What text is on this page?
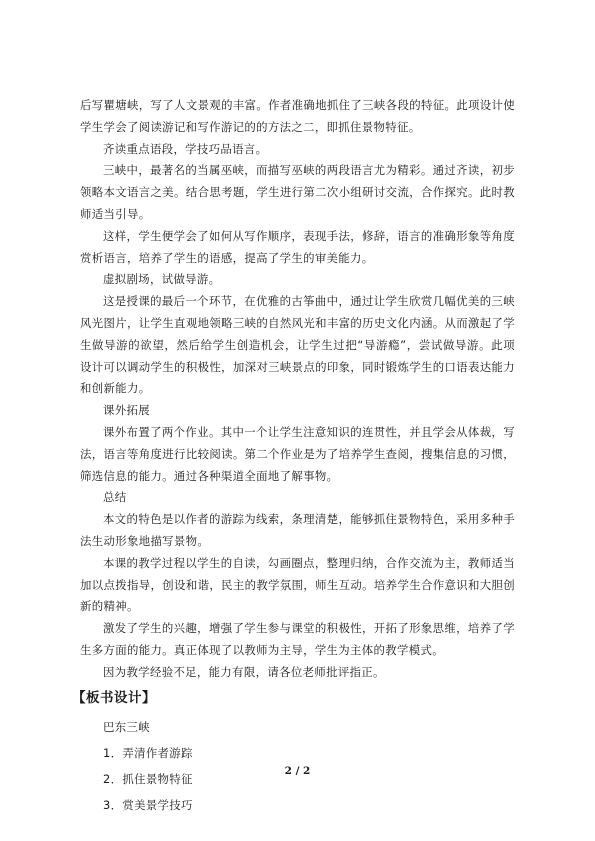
后写瞿塘峡，写了人文景观的丰富。作者准确地抓住了三峡各段的特征。此项设计使学生学会了阅读游记和写作游记的的方法之二，即抓住景物特征。

齐读重点语段，学技巧品语言。

三峡中，最著名的当属巫峡，而描写巫峡的两段语言尤为精彩。通过齐读，初步领略本文语言之美。结合思考题，学生进行第二次小组研讨交流，合作探究。此时教师适当引导。

这样，学生便学会了如何从写作顺序，表现手法，修辞，语言的准确形象等角度赏析语言，培养了学生的语感，提高了学生的审美能力。

虚拟剧场，试做导游。

这是授课的最后一个环节，在优雅的古筝曲中，通过让学生欣赏几幅优美的三峡风光图片，让学生直观地领略三峡的自然风光和丰富的历史文化内涵。从而激起了学生做导游的欲望，然后给学生创造机会，让学生过把“导游瘾”，尝试做导游。此项设计可以调动学生的积极性，加深对三峡景点的印象，同时锻炼学生的口语表达能力和创新能力。

课外拓展

课外布置了两个作业。其中一个让学生注意知识的连贯性，并且学会从体裁，写法，语言等角度进行比较阅读。第二个作业是为了培养学生查阅，搜集信息的习惯，筛选信息的能力。通过各种渠道全面地了解事物。

总结

本文的特色是以作者的游踪为线索，条理清楚，能够抓住景物特色，采用多种手法生动形象地描写景物。

本课的教学过程以学生的自读，勾画圈点，整理归纳，合作交流为主，教师适当加以点拨指导，创设和谐，民主的教学氛围，师生互动。培养学生合作意识和大胆创新的精神。

激发了学生的兴趣，增强了学生参与课堂的积极性，开拓了形象思维，培养了学生多方面的能力。真正体现了以教师为主导，学生为主体的教学模式。

因为教学经验不足，能力有限，请各位老师批评指正。

【板书设计】

巴东三峡

1．弄清作者游踪

2．抓住景物特征

3．赏美景学技巧

2 / 2
